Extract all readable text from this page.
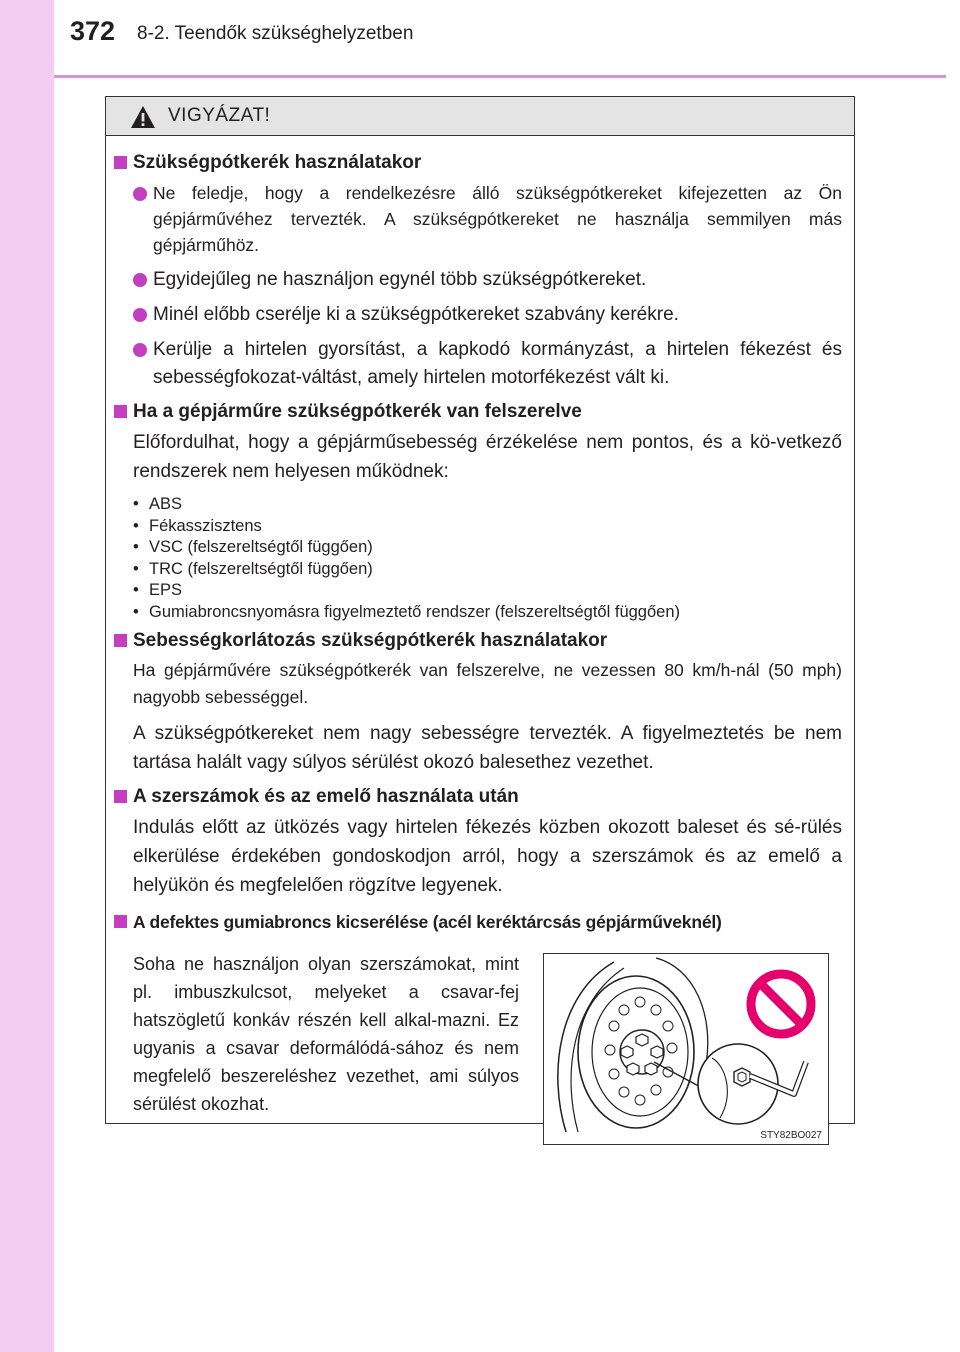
372 8-2. Teendők szükséghelyzetben
VIGYÁZAT!
Szükségpótkerék használatakor
Ne feledje, hogy a rendelkezésre álló szükségpótkereket kifejezetten az Ön gépjárművéhez tervezték. A szükségpótkereket ne használja semmilyen más gépjárműhöz.
Egyidejűleg ne használjon egynél több szükségpótkereket.
Minél előbb cserélje ki a szükségpótkereket szabvány kerékre.
Kerülje a hirtelen gyorsítást, a kapkodó kormányzást, a hirtelen fékezést és sebességfokozat-váltást, amely hirtelen motorfékezést vált ki.
Ha a gépjárműre szükségpótkerék van felszerelve
Előfordulhat, hogy a gépjárműsebesség érzékelése nem pontos, és a kö-vetkező rendszerek nem helyesen működnek:
• ABS
• Fékasszisztens
• VSC (felszereltségtől függően)
• TRC (felszereltségtől függően)
• EPS
• Gumiabroncsnyomásra figyelmeztető rendszer (felszereltségtől függően)
Sebességkorlátozás szükségpótkerék használatakor
Ha gépjárművére szükségpótkerék van felszerelve, ne vezessen 80 km/h-nál (50 mph) nagyobb sebességgel.
A szükségpótkereket nem nagy sebességre tervezték. A figyelmeztetés be nem tartása halált vagy súlyos sérülést okozó balesethez vezethet.
A szerszámok és az emelő használata után
Indulás előtt az ütközés vagy hirtelen fékezés közben okozott baleset és sé-rülés elkerülése érdekében gondoskodjon arról, hogy a szerszámok és az emelő a helyükön és megfelelően rögzítve legyenek.
A defektes gumiabroncs kicserélése (acél keréktárcsás gépjárműveknél)
Soha ne használjon olyan szerszámokat, mint pl. imbuszkulcsot, melyeket a csavar-fej hatszögletű konkáv részén kell alkal-mazni. Ez ugyanis a csavar deformálódá-sához és nem megfelelő beszereléshez vezethet, ami súlyos sérülést okozhat.
STY82BO027
